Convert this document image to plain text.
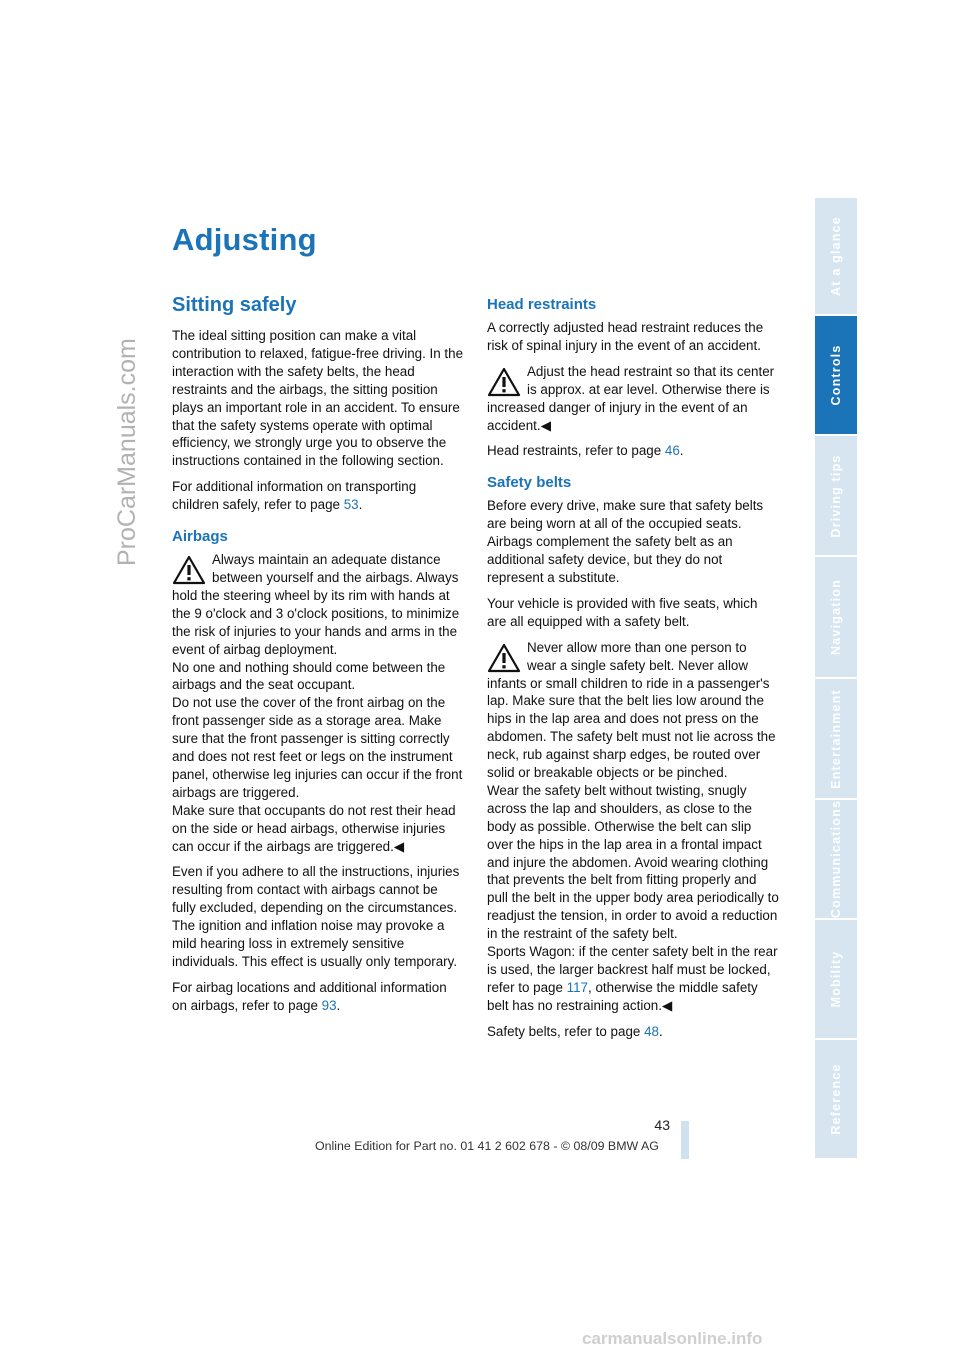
ProCarManuals.com
Adjusting
Sitting safely

The ideal sitting position can make a vital contribution to relaxed, fatigue-free driving. In the interaction with the safety belts, the head restraints and the airbags, the sitting position plays an important role in an accident. To ensure that the safety systems operate with optimal efficiency, we strongly urge you to observe the instructions contained in the following section.

For additional information on transporting children safely, refer to page 53.

Airbags
Always maintain an adequate distance between yourself and the airbags. Always hold the steering wheel by its rim with hands at the 9 o'clock and 3 o'clock positions, to minimize the risk of injuries to your hands and arms in the event of airbag deployment.
No one and nothing should come between the airbags and the seat occupant.
Do not use the cover of the front airbag on the front passenger side as a storage area. Make sure that the front passenger is sitting correctly and does not rest feet or legs on the instrument panel, otherwise leg injuries can occur if the front airbags are triggered.
Make sure that occupants do not rest their head on the side or head airbags, otherwise injuries can occur if the airbags are triggered.◀

Even if you adhere to all the instructions, injuries resulting from contact with airbags cannot be fully excluded, depending on the circumstances. The ignition and inflation noise may provoke a mild hearing loss in extremely sensitive individuals. This effect is usually only temporary.

For airbag locations and additional information on airbags, refer to page 93.

Head restraints

A correctly adjusted head restraint reduces the risk of spinal injury in the event of an accident.

Adjust the head restraint so that its center is approx. at ear level. Otherwise there is increased danger of injury in the event of an accident.◀

Head restraints, refer to page 46.

Safety belts

Before every drive, make sure that safety belts are being worn at all of the occupied seats. Airbags complement the safety belt as an additional safety device, but they do not represent a substitute.

Your vehicle is provided with five seats, which are all equipped with a safety belt.

Never allow more than one person to wear a single safety belt. Never allow infants or small children to ride in a passenger's lap. Make sure that the belt lies low around the hips in the lap area and does not press on the abdomen. The safety belt must not lie across the neck, rub against sharp edges, be routed over solid or breakable objects or be pinched.
Wear the safety belt without twisting, snugly across the lap and shoulders, as close to the body as possible. Otherwise the belt can slip over the hips in the lap area in a frontal impact and injure the abdomen. Avoid wearing clothing that prevents the belt from fitting properly and pull the belt in the upper body area periodically to readjust the tension, in order to avoid a reduction in the restraint of the safety belt.
Sports Wagon: if the center safety belt in the rear is used, the larger backrest half must be locked, refer to page 117, otherwise the middle safety belt has no restraining action.◀

Safety belts, refer to page 48.

At a glance
Controls
Driving tips
Navigation
Entertainment
Communications
Mobility
Reference
43
Online Edition for Part no. 01 41 2 602 678 - © 08/09 BMW AG
carmanualsonline.info
